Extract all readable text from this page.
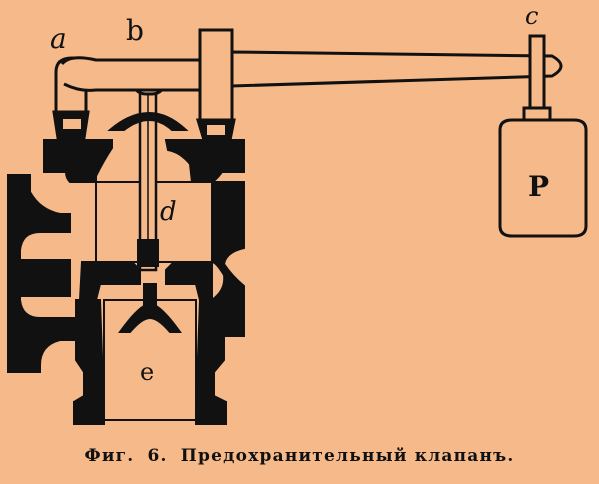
a b	c
d
e
R
P
Фиг. 6. Предохранительный клапанъ.
